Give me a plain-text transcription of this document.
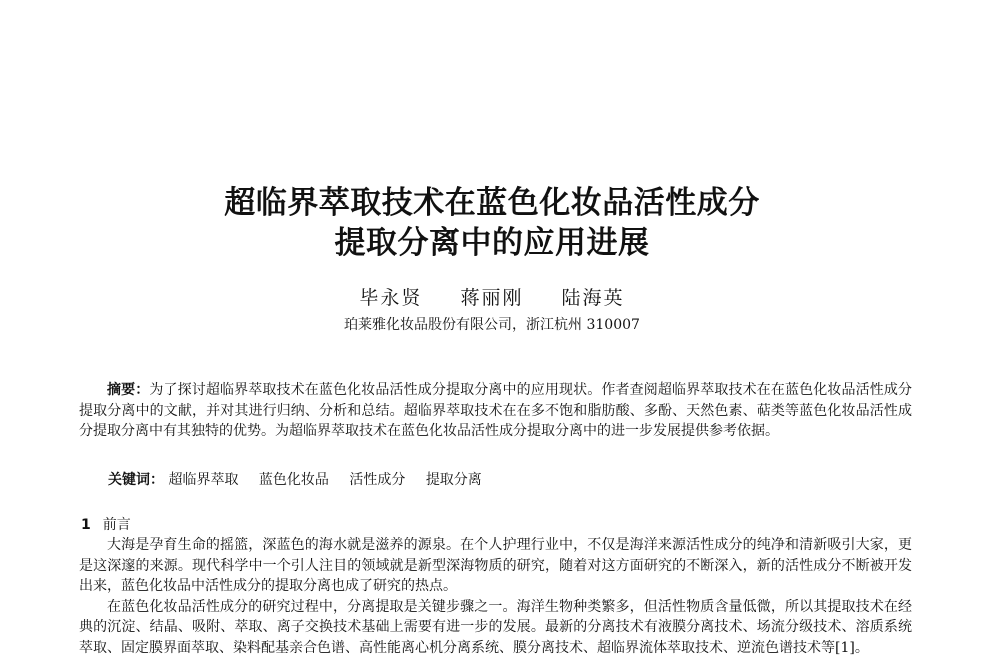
超临界萃取技术在蓝色化妆品活性成分
提取分离中的应用进展
毕永贤 蒋丽刚 陆海英
珀莱雅化妆品股份有限公司，浙江杭州 310007

摘要：为了探讨超临界萃取技术在蓝色化妆品活性成分提取分离中的应用现状。作者查阅超临界萃取技术在在蓝色化妆品活性成分提取分离中的文献，并对其进行归纳、分析和总结。超临界萃取技术在在多不饱和脂肪酸、多酚、天然色素、萜类等蓝色化妆品活性成分提取分离中有其独特的优势。为超临界萃取技术在蓝色化妆品活性成分提取分离中的进一步发展提供参考依据。

关键词： 超临界萃取 蓝色化妆品 活性成分 提取分离
1 前言

大海是孕育生命的摇篮，深蓝色的海水就是滋养的源泉。在个人护理行业中，不仅是海洋来源活性成分的纯净和清新吸引大家，更是这深邃的来源。现代科学中一个引人注目的领域就是新型深海物质的研究，随着对这方面研究的不断深入，新的活性成分不断被开发出来，蓝色化妆品中活性成分的提取分离也成了研究的热点。

在蓝色化妆品活性成分的研究过程中，分离提取是关键步骤之一。海洋生物种类繁多，但活性物质含量低微，所以其提取技术在经典的沉淀、结晶、吸附、萃取、离子交换技术基础上需要有进一步的发展。最新的分离技术有液膜分离技术、场流分级技术、溶质系统萃取、固定膜界面萃取、染料配基亲合色谱、高性能离心机分离系统、膜分离技术、超临界流体萃取技术、逆流色谱技术等[1]。
